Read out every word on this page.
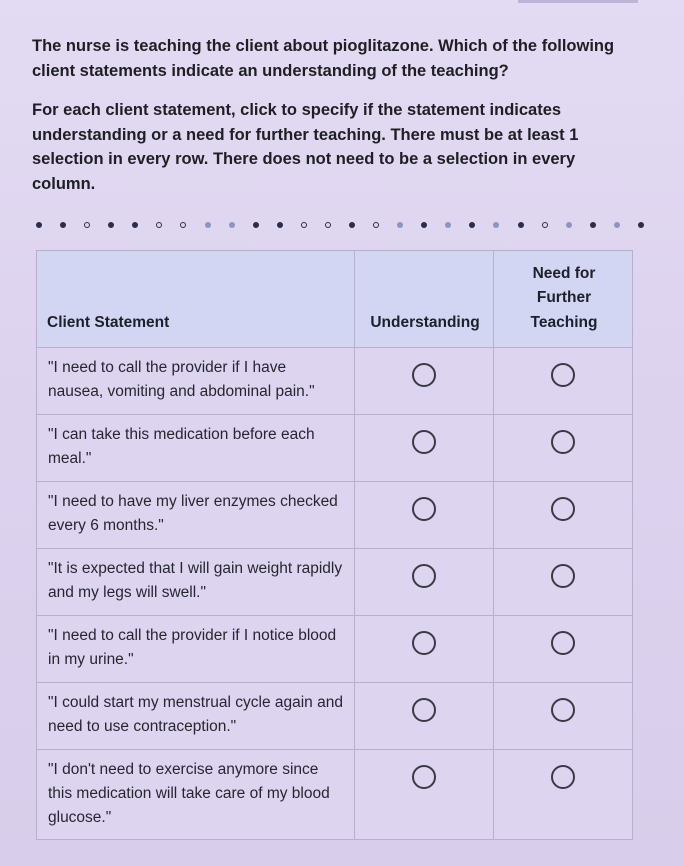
The nurse is teaching the client about pioglitazone. Which of the following client statements indicate an understanding of the teaching?

For each client statement, click to specify if the statement indicates understanding or a need for further teaching. There must be at least 1 selection in every row. There does not need to be a selection in every column.

Client Statement	Understanding	Need for Further Teaching

"I need to call the provider if I have nausea, vomiting and abdominal pain."		

"I can take this medication before each meal."		

"I need to have my liver enzymes checked every 6 months."		

"It is expected that I will gain weight rapidly and my legs will swell."		

"I need to call the provider if I notice blood in my urine."		

"I could start my menstrual cycle again and need to use contraception."		

"I don't need to exercise anymore since this medication will take care of my blood glucose."		
